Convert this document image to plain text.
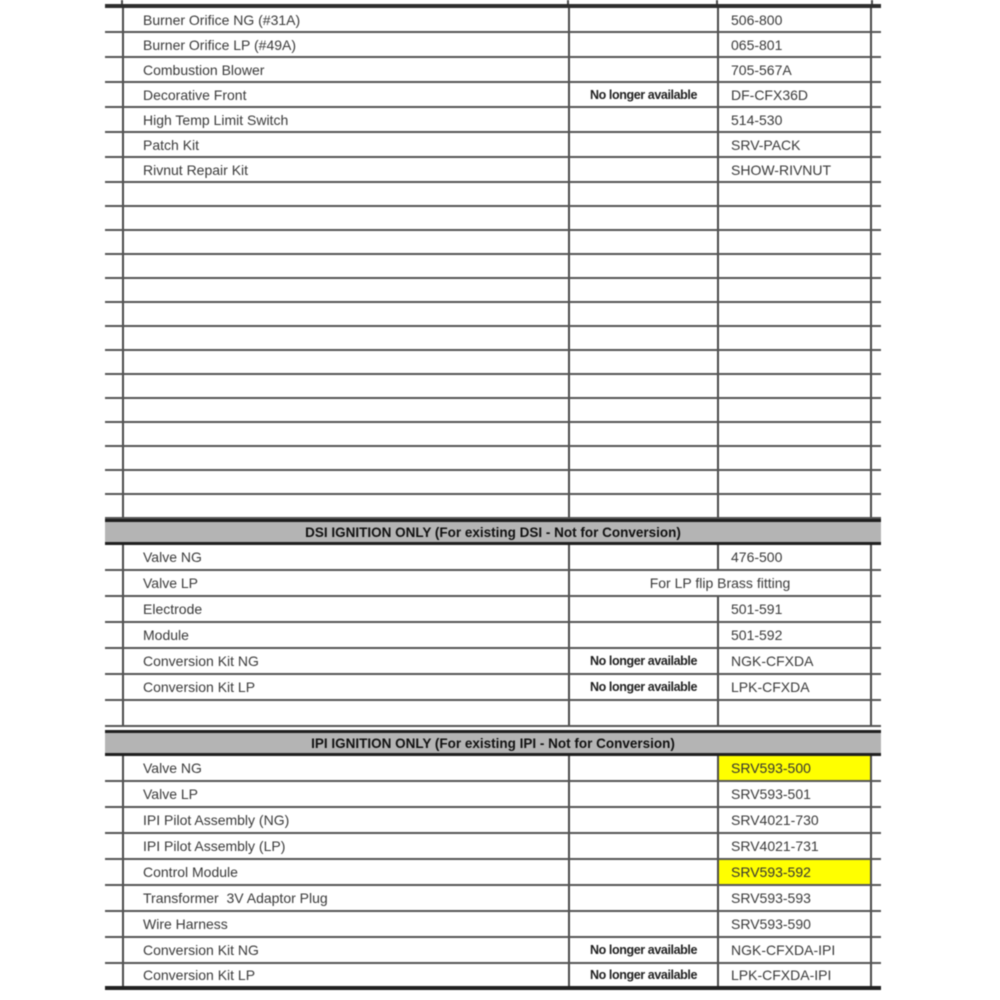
Burner Orifice NG (#31A)	506-800
Burner Orifice LP (#49A)	065-801
Combustion Blower	705-567A
Decorative Front	No longer available	DF-CFX36D
High Temp Limit Switch	514-530
Patch Kit	SRV-PACK
Rivnut Repair Kit	SHOW-RIVNUT
DSI IGNITION ONLY (For existing DSI - Not for Conversion)
Valve NG	476-500
Valve LP	For LP flip Brass fitting
Electrode	501-591
Module	501-592
Conversion Kit NG	No longer available	NGK-CFXDA
Conversion Kit LP	No longer available	LPK-CFXDA
IPI IGNITION ONLY (For existing IPI - Not for Conversion)
Valve NG	SRV593-500
Valve LP	SRV593-501
IPI Pilot Assembly (NG)	SRV4021-730
IPI Pilot Assembly (LP)	SRV4021-731
Control Module	SRV593-592
Transformer  3V Adaptor Plug	SRV593-593
Wire Harness	SRV593-590
Conversion Kit NG	No longer available	NGK-CFXDA-IPI
Conversion Kit LP	No longer available	LPK-CFXDA-IPI
